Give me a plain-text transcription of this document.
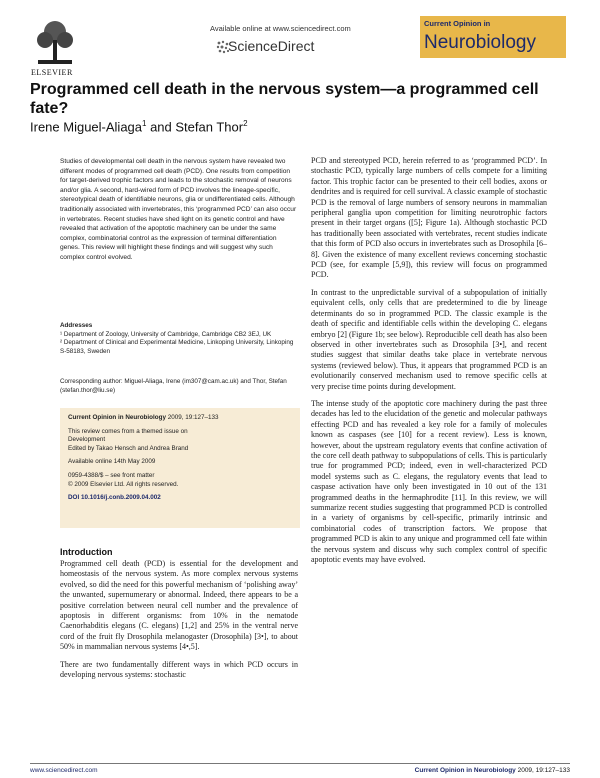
ELSEVIER
Available online at www.sciencedirect.com
ScienceDirect
Current Opinion in
Neurobiology
Programmed cell death in the nervous system—a programmed cell fate?
Irene Miguel-Aliaga$^1$ and Stefan Thor$^2$
Studies of developmental cell death in the nervous system have revealed two different modes of programmed cell death (PCD). One results from competition for target-derived trophic factors and leads to the stochastic removal of neurons and/or glia. A second, hard-wired form of PCD involves the lineage-specific, stereotypical death of identifiable neurons, glia or undifferentiated cells. Although traditionally associated with invertebrates, this ‘programmed PCD’ can also occur in vertebrates. Recent studies have shed light on its genetic control and have revealed that activation of the apoptotic machinery can be under the same complex, combinatorial control as the expression of terminal differentiation genes. This review will highlight these findings and will suggest why such complex control evolved.
Addresses
¹ Department of Zoology, University of Cambridge, Cambridge CB2 3EJ, UK
² Department of Clinical and Experimental Medicine, Linkoping University, Linkoping S-58183, Sweden
Corresponding author: Miguel-Aliaga, Irene (im307@cam.ac.uk) and Thor, Stefan (stefan.thor@liu.se)

Current Opinion in Neurobiology 2009, 19:127–133

This review comes from a themed issue on
Development
Edited by Takao Hensch and Andrea Brand

Available online 14th May 2009

0959-4388/$ – see front matter
© 2009 Elsevier Ltd. All rights reserved.

DOI 10.1016/j.conb.2009.04.002

Introduction

Programmed cell death (PCD) is essential for the development and homeostasis of the nervous system. As more complex nervous systems evolved, so did the need for this powerful mechanism of ‘polishing away’ the unwanted, supernumerary or abnormal. Indeed, there appears to be a positive correlation between neural cell number and the prevalence of apoptosis in different organisms: from 10% in the nematode Caenorhabditis elegans (C. elegans) [1,2] and 25% in the ventral nerve cord of the fruit fly Drosophila melanogaster (Drosophila) [3•], to about 50% in mammalian nervous systems [4•,5].

There are two fundamentally different ways in which PCD occurs in developing nervous systems: stochastic

PCD and stereotyped PCD, herein referred to as ‘programmed PCD’. In stochastic PCD, typically large numbers of cells compete for a limiting factor. This trophic factor can be presented to their cell bodies, axons or dendrites and is required for cell survival. A classic example of stochastic PCD is the removal of large numbers of sensory neurons in mammalian peripheral ganglia upon competition for limiting neurotrophic factors present in their target organs ([5]; Figure 1a). Although stochastic PCD has traditionally been associated with vertebrates, recent studies indicate that this form of PCD also occurs in invertebrates such as Drosophila [6–8]. Given the existence of many excellent reviews concerning stochastic PCD (see, for example [5,9]), this review will focus on programmed PCD.

In contrast to the unpredictable survival of a subpopulation of initially equivalent cells, only cells that are predetermined to die by lineage determinants do so in programmed PCD. The classic example is the death of specific and identifiable cells within the developing C. elegans embryo [2] (Figure 1b; see below). Reproducible cell death has also been observed in other invertebrates such as Drosophila [3•], and recent studies suggest that similar deaths take place in vertebrate nervous systems (reviewed below). Thus, it appears that programmed PCD is an evolutionarily conserved mechanism used to remove specific cells at very precise time points during development.

The intense study of the apoptotic core machinery during the past three decades has led to the elucidation of the genetic and molecular pathways effecting PCD and has revealed a key role for a family of molecules known as caspases (see [10] for a recent review). Less is known, however, about the upstream regulatory events that confine activation of the core cell death pathway to subpopulations of cells. This is particularly true for programmed PCD; indeed, even in well-characterized PCD model systems such as C. elegans, the regulatory events that lead to caspase activation have only been investigated in 10 out of the 131 programmed deaths in the hermaphrodite [11]. In this review, we will summarize recent studies suggesting that programmed PCD is controlled in a variety of organisms by cell-specific, primarily intrinsic and combinatorial codes of transcription factors. We propose that programmed PCD is akin to any unique and programmed cell fate within the nervous system and discuss why such complex control of specific apoptotic events may have evolved.

www.sciencedirect.com	Current Opinion in Neurobiology 2009, 19:127–133
